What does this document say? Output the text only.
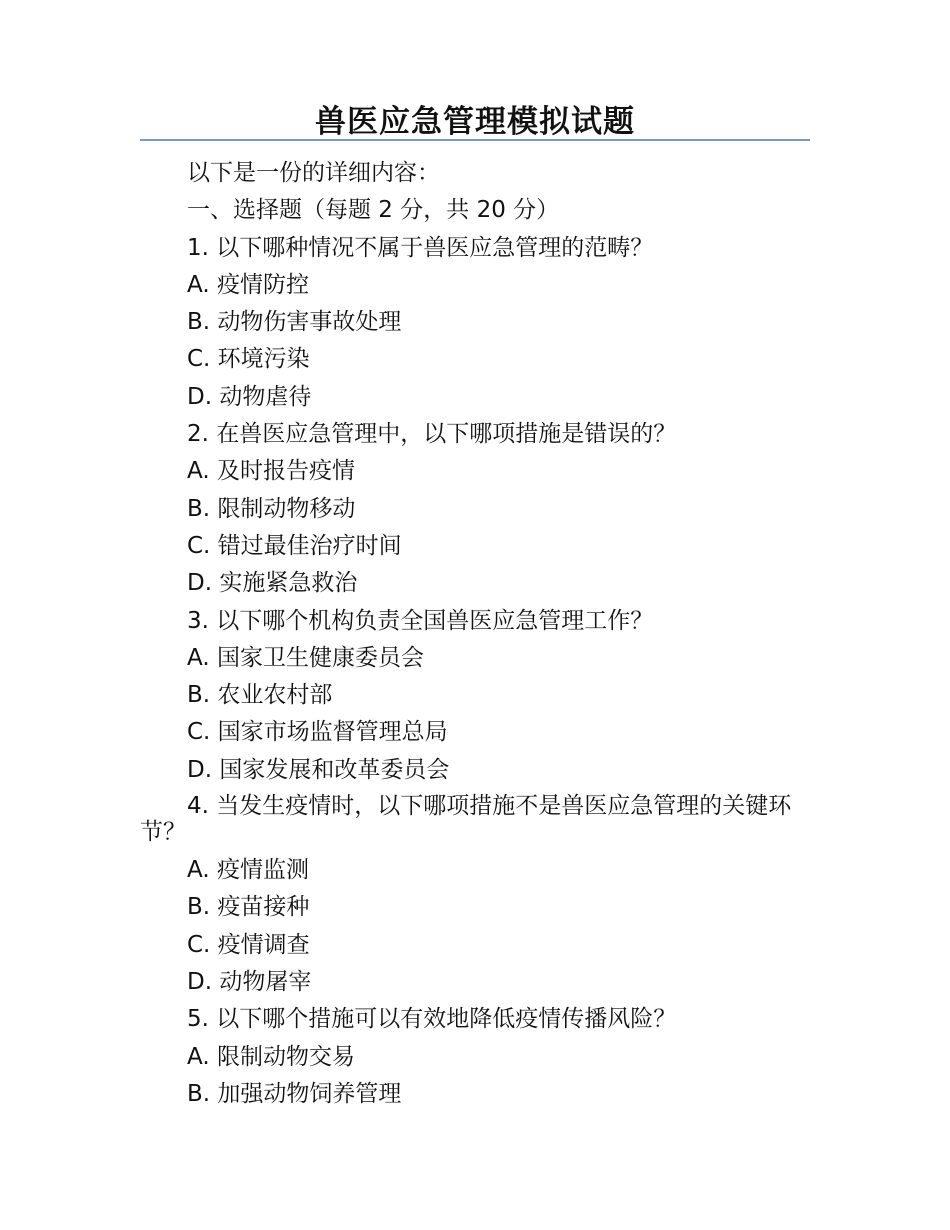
兽医应急管理模拟试题
以下是一份的详细内容：
一、选择题（每题 2 分，共 20 分）
1. 以下哪种情况不属于兽医应急管理的范畴？
A. 疫情防控
B. 动物伤害事故处理
C. 环境污染
D. 动物虐待
2. 在兽医应急管理中，以下哪项措施是错误的？
A. 及时报告疫情
B. 限制动物移动
C. 错过最佳治疗时间
D. 实施紧急救治
3. 以下哪个机构负责全国兽医应急管理工作？
A. 国家卫生健康委员会
B. 农业农村部
C. 国家市场监督管理总局
D. 国家发展和改革委员会
4. 当发生疫情时，以下哪项措施不是兽医应急管理的关键环节？
A. 疫情监测
B. 疫苗接种
C. 疫情调查
D. 动物屠宰
5. 以下哪个措施可以有效地降低疫情传播风险？
A. 限制动物交易
B. 加强动物饲养管理
